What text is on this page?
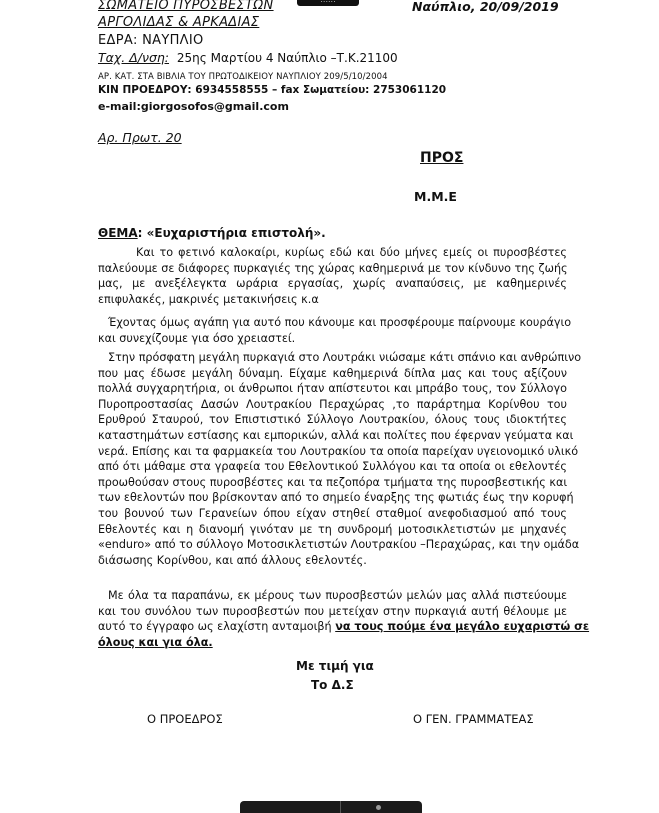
ΣΩΜΑΤΕΙΟ ΠΥΡΟΣΒΕΣΤΩΝ
ΑΡΓΟΛΙΔΑΣ & ΑΡΚΑΔΙΑΣ
ΕΔΡΑ: ΝΑΥΠΛΙΟ
Ταχ. Δ/νση: 25ης Μαρτίου 4 Ναύπλιο –Τ.Κ.21100
ΑΡ. ΚΑΤ. ΣΤΑ ΒΙΒΛΙΑ ΤΟΥ ΠΡΩΤΟΔΙΚΕΙΟΥ ΝΑΥΠΛΙΟΥ 209/5/10/2004
ΚΙΝ ΠΡΟΕΔΡΟΥ: 6934558555 – fax Σωματείου: 2753061120
e-mail:giorgosofos@gmail.com
Ναύπλιο, 20/09/2019
Αρ. Πρωτ. 20
ΠΡΟΣ
Μ.Μ.Ε
ΘΕΜΑ: «Ευχαριστήρια επιστολή».
Και το φετινό καλοκαίρι, κυρίως εδώ και δύο μήνες εμείς οι πυροσβέστες
παλεύουμε σε διάφορες πυρκαγιές της χώρας καθημερινά με τον κίνδυνο της ζωής
μας, με ανεξέλεγκτα ωράρια εργασίας, χωρίς αναπαύσεις, με καθημερινές
επιφυλακές, μακρινές μετακινήσεις κ.α
Έχοντας όμως αγάπη για αυτό που κάνουμε και προσφέρουμε παίρνουμε κουράγιο
και συνεχίζουμε για όσο χρειαστεί.
Στην πρόσφατη μεγάλη πυρκαγιά στο Λουτράκι νιώσαμε κάτι σπάνιο και ανθρώπινο
που μας έδωσε μεγάλη δύναμη. Είχαμε καθημερινά δίπλα μας και τους αξίζουν
πολλά συγχαρητήρια, οι άνθρωποι ήταν απίστευτοι και μπράβο τους, τον Σύλλογο
Πυροπροστασίας Δασών Λουτρακίου Περαχώρας ,το παράρτημα Κορίνθου του
Ερυθρού Σταυρού, τον Επιστιστικό Σύλλογο Λουτρακίου, όλους τους ιδιοκτήτες
καταστημάτων εστίασης και εμπορικών, αλλά και πολίτες που έφερναν γεύματα και
νερά. Επίσης και τα φαρμακεία του Λουτρακίου τα οποία παρείχαν υγειονομικό υλικό
από ότι μάθαμε στα γραφεία του Εθελοντικού Συλλόγου και τα οποία οι εθελοντές
προωθούσαν στους πυροσβέστες και τα πεζοπόρα τμήματα της πυροσβεστικής και
των εθελοντών που βρίσκονταν από το σημείο έναρξης της φωτιάς έως την κορυφή
του βουνού των Γερανείων όπου είχαν στηθεί σταθμοί ανεφοδιασμού από τους
Εθελοντές και η διανομή γινόταν με τη συνδρομή μοτοσικλετιστών με μηχανές
«enduro» από το σύλλογο Μοτοσικλετιστών Λουτρακίου –Περαχώρας, και την ομάδα
διάσωσης Κορίνθου, και από άλλους εθελοντές.
Με όλα τα παραπάνω, εκ μέρους των πυροσβεστών μελών μας αλλά πιστεύουμε
και του συνόλου των πυροσβεστών που μετείχαν στην πυρκαγιά αυτή θέλουμε με
αυτό το έγγραφο ως ελαχίστη ανταμοιβή να τους πούμε ένα μεγάλο ευχαριστώ σε
όλους και για όλα.
Με τιμή για
Το Δ.Σ
Ο ΠΡΟΕΔΡΟΣ	Ο ΓΕΝ. ΓΡΑΜΜΑΤΕΑΣ
